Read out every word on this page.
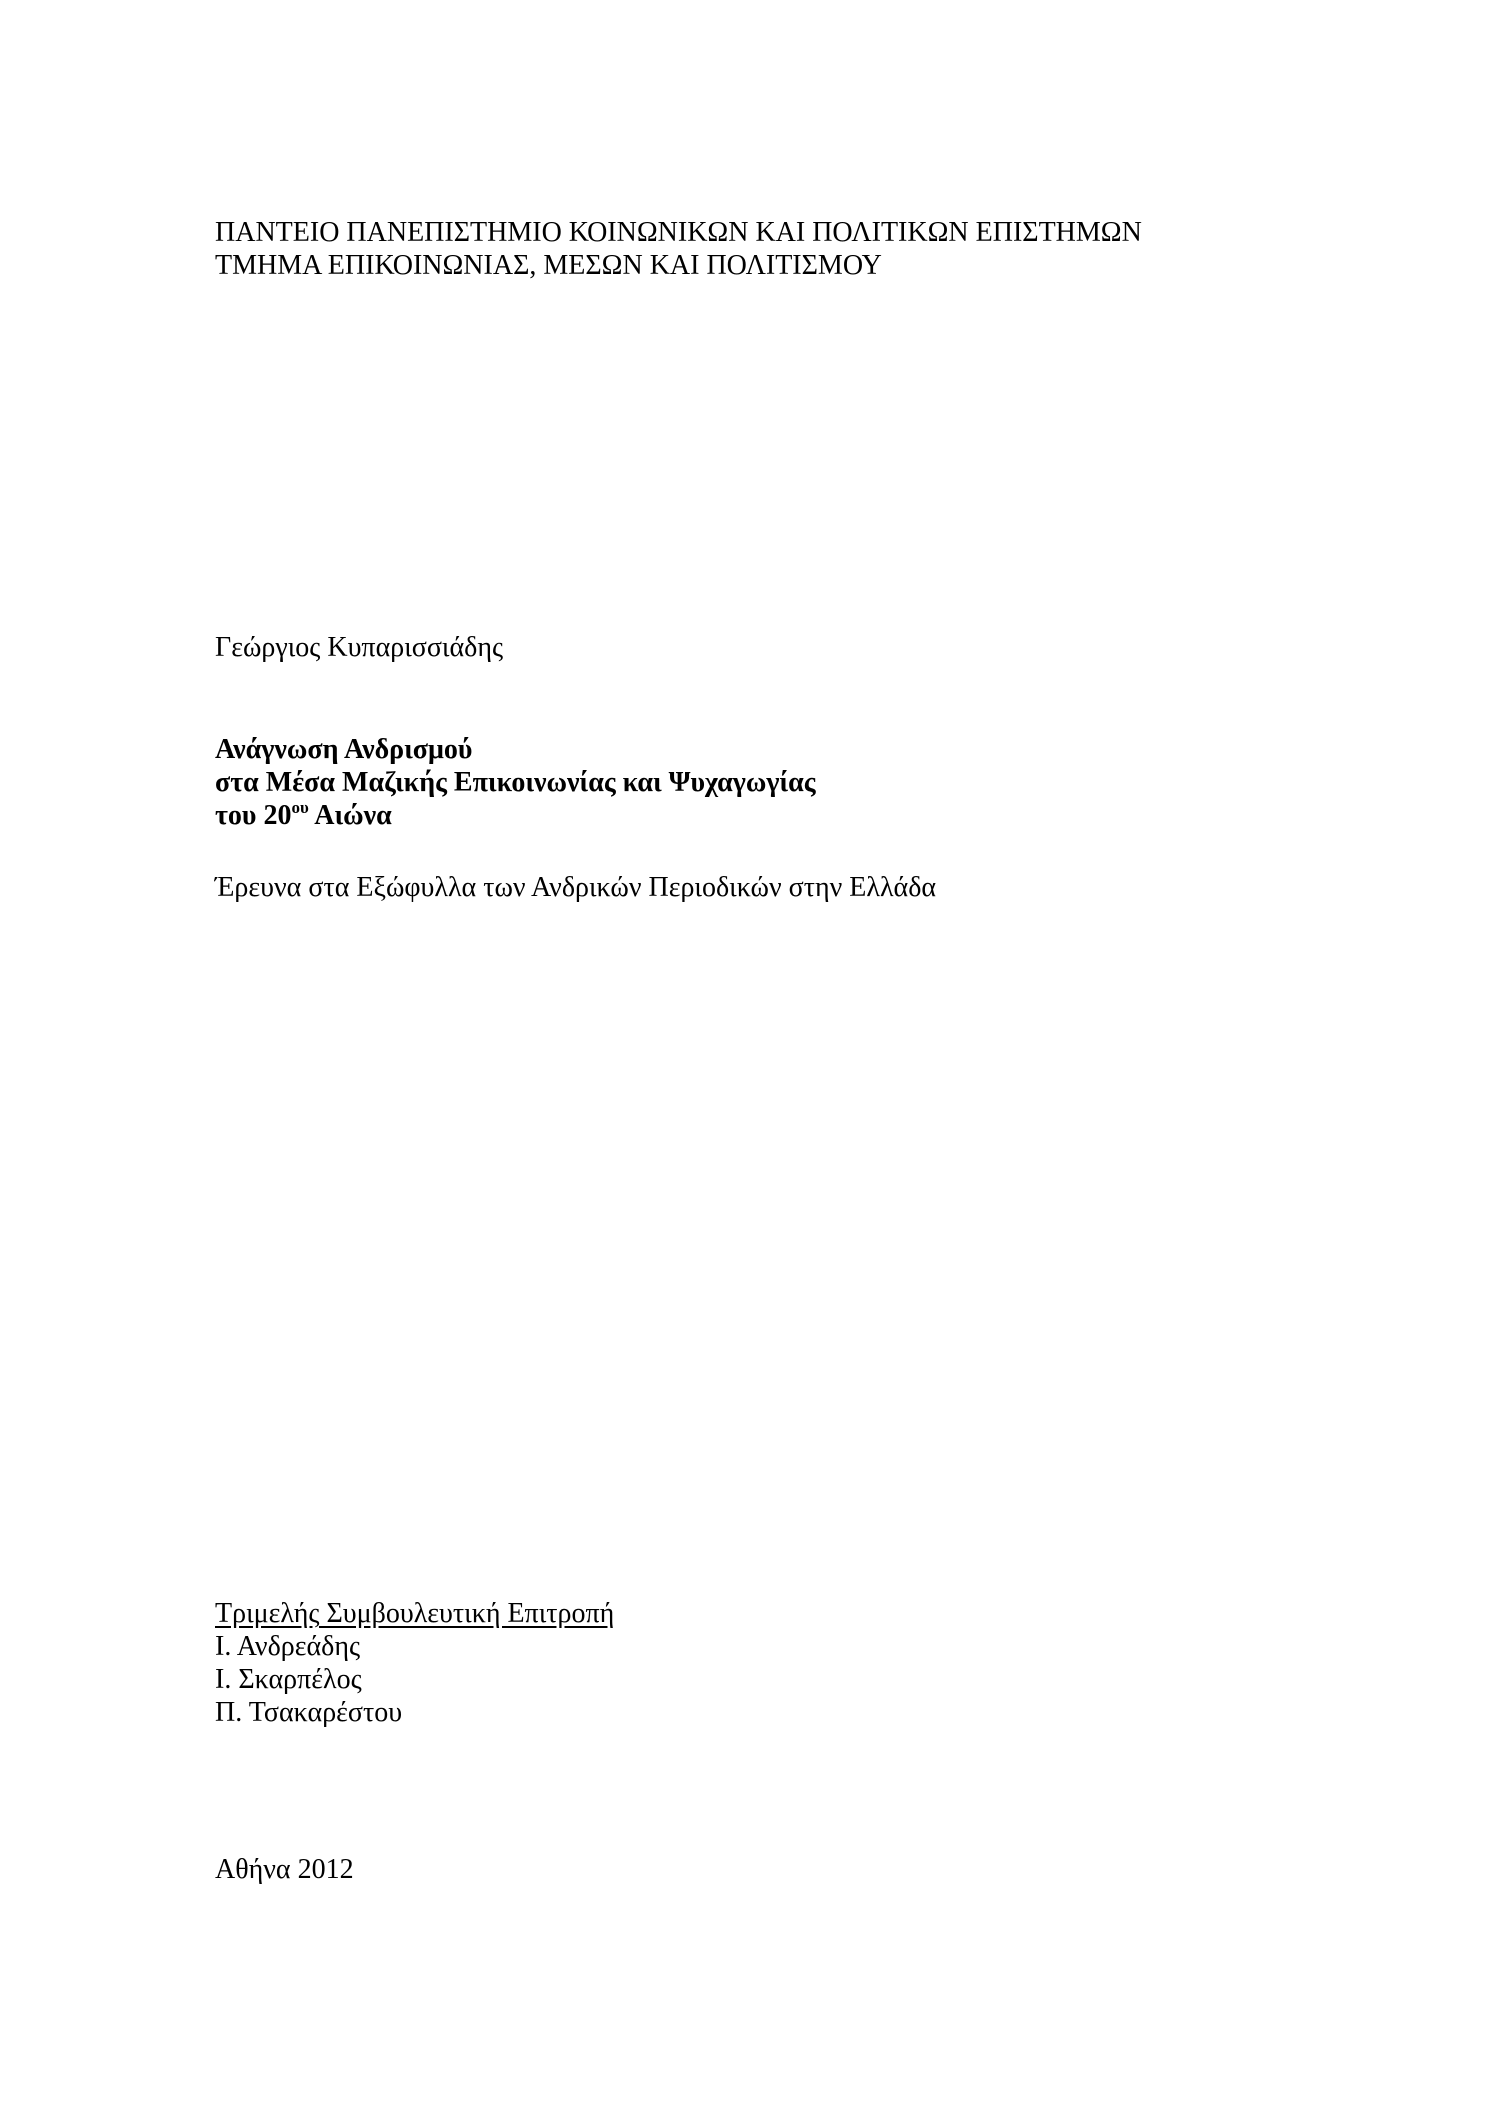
ΠΑΝΤΕΙΟ ΠΑΝΕΠΙΣΤΗΜΙΟ ΚΟΙΝΩΝΙΚΩΝ ΚΑΙ ΠΟΛΙΤΙΚΩΝ ΕΠΙΣΤΗΜΩΝ
ΤΜΗΜΑ ΕΠΙΚΟΙΝΩΝΙΑΣ, ΜΕΣΩΝ ΚΑΙ ΠΟΛΙΤΙΣΜΟΥ
Γεώργιος Κυπαρισσιάδης
Ανάγνωση Ανδρισμού
στα Μέσα Μαζικής Επικοινωνίας και Ψυχαγωγίας
του $20^{o\upsilon}$ Αιώνα
Έρευνα στα Εξώφυλλα των Ανδρικών Περιοδικών στην Ελλάδα
Τριμελής Συμβουλευτική Επιτροπή
Ι. Ανδρεάδης
Ι. Σκαρπέλος
Π. Τσακαρέστου
Αθήνα 2012
